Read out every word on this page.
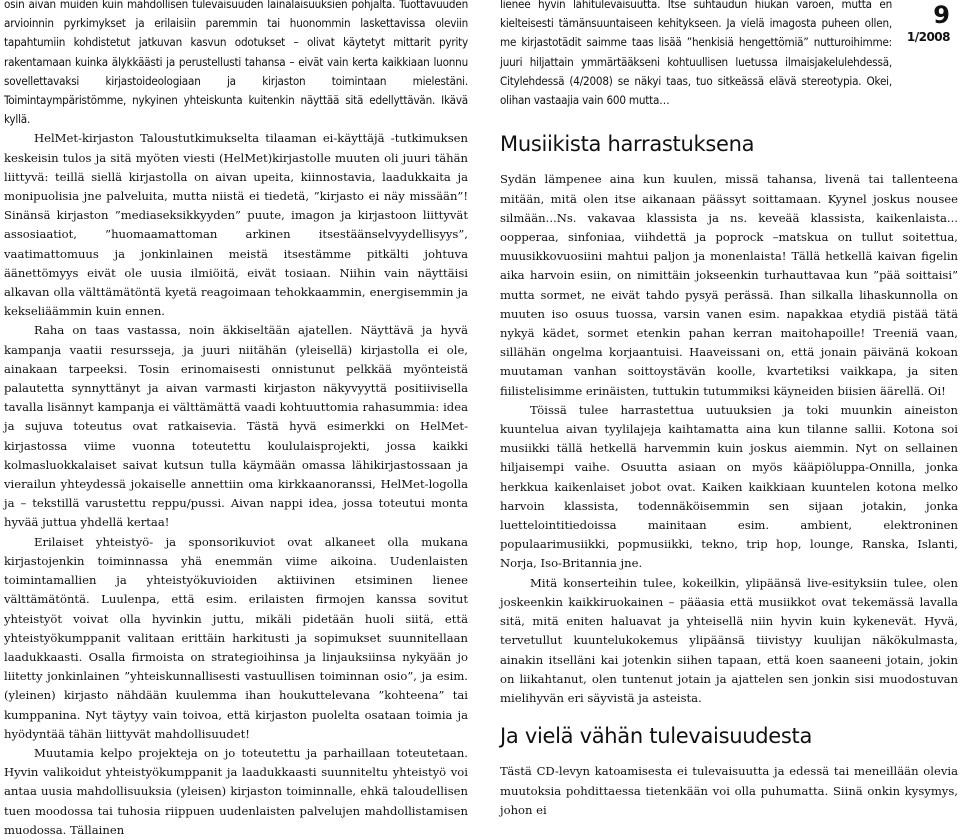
osin aivan muiden kuin mahdollisen tulevaisuuden lainalaisuuksien pohjalta. Tuottavuuden arvioinnin pyrkimykset ja erilaisiin paremmin tai huonommin laskettavissa oleviin tapahtumiin kohdistetut jatkuvan kasvun odotukset – olivat käytetyt mittarit pyrity rakentamaan kuinka älykkäästi ja perustellusti tahansa – eivät vain kerta kaikkiaan luonnu sovellettavaksi kirjastoideologiaan ja kirjaston toimintaan mielestäni. Toimintaympäristömme, nykyinen yhteiskunta kuitenkin näyttää sitä edellyttävän. Ikävä kyllä.

HelMet-kirjaston Taloustutkimukselta tilaaman ei-käyttäjä -tutkimuksen keskeisin tulos ja sitä myöten viesti (HelMet)kirjastolle muuten oli juuri tähän liittyvä: teillä siellä kirjastolla on aivan upeita, kiinnostavia, laadukkaita ja monipuolisia jne palveluita, mutta niistä ei tiedetä, ”kirjasto ei näy missään”! Sinänsä kirjaston ”mediaseksikkyyden” puute, imagon ja kirjastoon liittyvät assosiaatiot, ”huomaamattoman arkinen itsestäänselvyydellisyys”, vaatimattomuus ja jonkinlainen meistä itsestämme pitkälti johtuva äänettömyys eivät ole uusia ilmiöitä, eivät tosiaan. Niihin vain näyttäisi alkavan olla välttämätöntä kyetä reagoimaan tehokkaammin, energisemmin ja kekseliäämmin kuin ennen.

Raha on taas vastassa, noin äkkiseltään ajatellen. Näyttävä ja hyvä kampanja vaatii resursseja, ja juuri niitähän (yleisellä) kirjastolla ei ole, ainakaan tarpeeksi. Tosin erinomaisesti onnistunut pelkkää myönteistä palautetta synnyttänyt ja aivan varmasti kirjaston näkyvyyttä positiivisella tavalla lisännyt kampanja ei välttämättä vaadi kohtuuttomia rahasummia: idea ja sujuva toteutus ovat ratkaisevia. Tästä hyvä esimerkki on HelMet-kirjastossa viime vuonna toteutettu koululaisprojekti, jossa kaikki kolmasluokkalaiset saivat kutsun tulla käymään omassa lähikirjastossaan ja vierailun yhteydessä jokaiselle annettiin oma kirkkaanoranssi, HelMet-logolla ja – tekstillä varustettu reppu/pussi. Aivan nappi idea, jossa toteutui monta hyvää juttua yhdellä kertaa!

Erilaiset yhteistyö- ja sponsorikuviot ovat alkaneet olla mukana kirjastojenkin toiminnassa yhä enemmän viime aikoina. Uudenlaisten toimintamallien ja yhteistyökuvioiden aktiivinen etsiminen lienee välttämätöntä. Luulenpa, että esim. erilaisten firmojen kanssa sovitut yhteistyöt voivat olla hyvinkin juttu, mikäli pidetään huoli siitä, että yhteistyökumppanit valitaan erittäin harkitusti ja sopimukset suunnitellaan laadukkaasti. Osalla firmoista on strategioihinsa ja linjauksiinsa nykyään jo liitetty jonkinlainen ”yhteiskunnallisesti vastuullisen toiminnan osio”, ja esim. (yleinen) kirjasto nähdään kuulemma ihan houkuttelevana ”kohteena” tai kumppanina. Nyt täytyy vain toivoa, että kirjaston puolelta osataan toimia ja hyödyntää tähän liittyvät mahdollisuudet!

Muutamia kelpo projekteja on jo toteutettu ja parhaillaan toteutetaan. Hyvin valikoidut yhteistyökumppanit ja laadukkaasti suunniteltu yhteistyö voi antaa uusia mahdollisuuksia (yleisen) kirjaston toiminnalle, ehkä taloudellisen tuen moodossa tai tuhosia riippuen uudenlaisten palvelujen mahdollistamisen muodossa. Tällainen

lienee hyvin lähitulevaisuutta. Itse suhtaudun hiukan varoen, mutta en kielteisesti tämänsuuntaiseen kehitykseen. Ja vielä imagosta puheen ollen, me kirjastotädit saimme taas lisää ”henkisiä hengettömiä” nutturoihimme: juuri hiljattain ymmärtääkseni kohtuullisen luetussa ilmaisjakelulehdessä, Citylehdessä (4/2008) se näkyi taas, tuo sitkeässä elävä stereotypia. Okei, olihan vastaajia vain 600 mutta…

Musiikista harrastuksena

Sydän lämpenee aina kun kuulen, missä tahansa, livenä tai tallenteena mitään, mitä olen itse aikanaan päässyt soittamaan. Kyynel joskus nousee silmään...Ns. vakavaa klassista ja ns. keveää klassista, kaikenlaista... oopperaa, sinfoniaa, viihdettä ja poprock –matskua on tullut soitettua, muusikkovuosiini mahtui paljon ja monenlaista! Tällä hetkellä kaivan figelin aika harvoin esiin, on nimittäin jokseenkin turhauttavaa kun ”pää soittaisi” mutta sormet, ne eivät tahdo pysyä perässä. Ihan silkalla lihaskunnolla on muuten iso osuus tuossa, varsin vanen esim. napakkaa etydiä pistää tätä nykyä kädet, sormet etenkin pahan kerran maitohapoille! Treeniä vaan, sillähän ongelma korjaantuisi. Haaveissani on, että jonain päivänä kokoan muutaman vanhan soittoystävän koolle, kvartetiksi vaikkapa, ja siten fiilistelisimme erinäisten, tuttukin tutummiksi käyneiden biisien äärellä. Oi!

Töissä tulee harrastettua uutuuksien ja toki muunkin aineiston kuuntelua aivan tyylilajeja kaihtamatta aina kun tilanne sallii. Kotona soi musiikki tällä hetkellä harvemmin kuin joskus aiemmin. Nyt on sellainen hiljaisempi vaihe. Osuutta asiaan on myös kääpiöluppa-Onnilla, jonka herkkua kaikenlaiset jobot ovat. Kaiken kaikkiaan kuuntelen kotona melko harvoin klassista, todennäköisemmin sen sijaan jotakin, jonka luettelointitiedoissa mainitaan esim. ambient, elektroninen populaarimusiikki, popmusiikki, tekno, trip hop, lounge, Ranska, Islanti, Norja, Iso-Britannia jne.

Mitä konserteihin tulee, kokeilkin, ylipäänsä live-esityksiin tulee, olen joskeenkin kaikkiruokainen – pääasia että musiikkot ovat tekemässä lavalla sitä, mitä eniten haluavat ja yhteisellä niin hyvin kuin kykenevät. Hyvä, tervetullut kuuntelukokemus ylipäänsä tiivistyy kuulijan näkökulmasta, ainakin itselläni kai jotenkin siihen tapaan, että koen saaneeni jotain, jokin on liikahtanut, olen tuntenut jotain ja ajattelen sen jonkin sisi muodostuvan mielihyvän eri säyvistä ja asteista.

Ja vielä vähän tulevaisuudesta

Tästä CD-levyn katoamisesta ei tulevaisuutta ja edessä tai meneillään olevia muutoksia pohdittaessa tietenkään voi olla puhumatta. Siinä onkin kysymys, johon ei

9
1/2008
